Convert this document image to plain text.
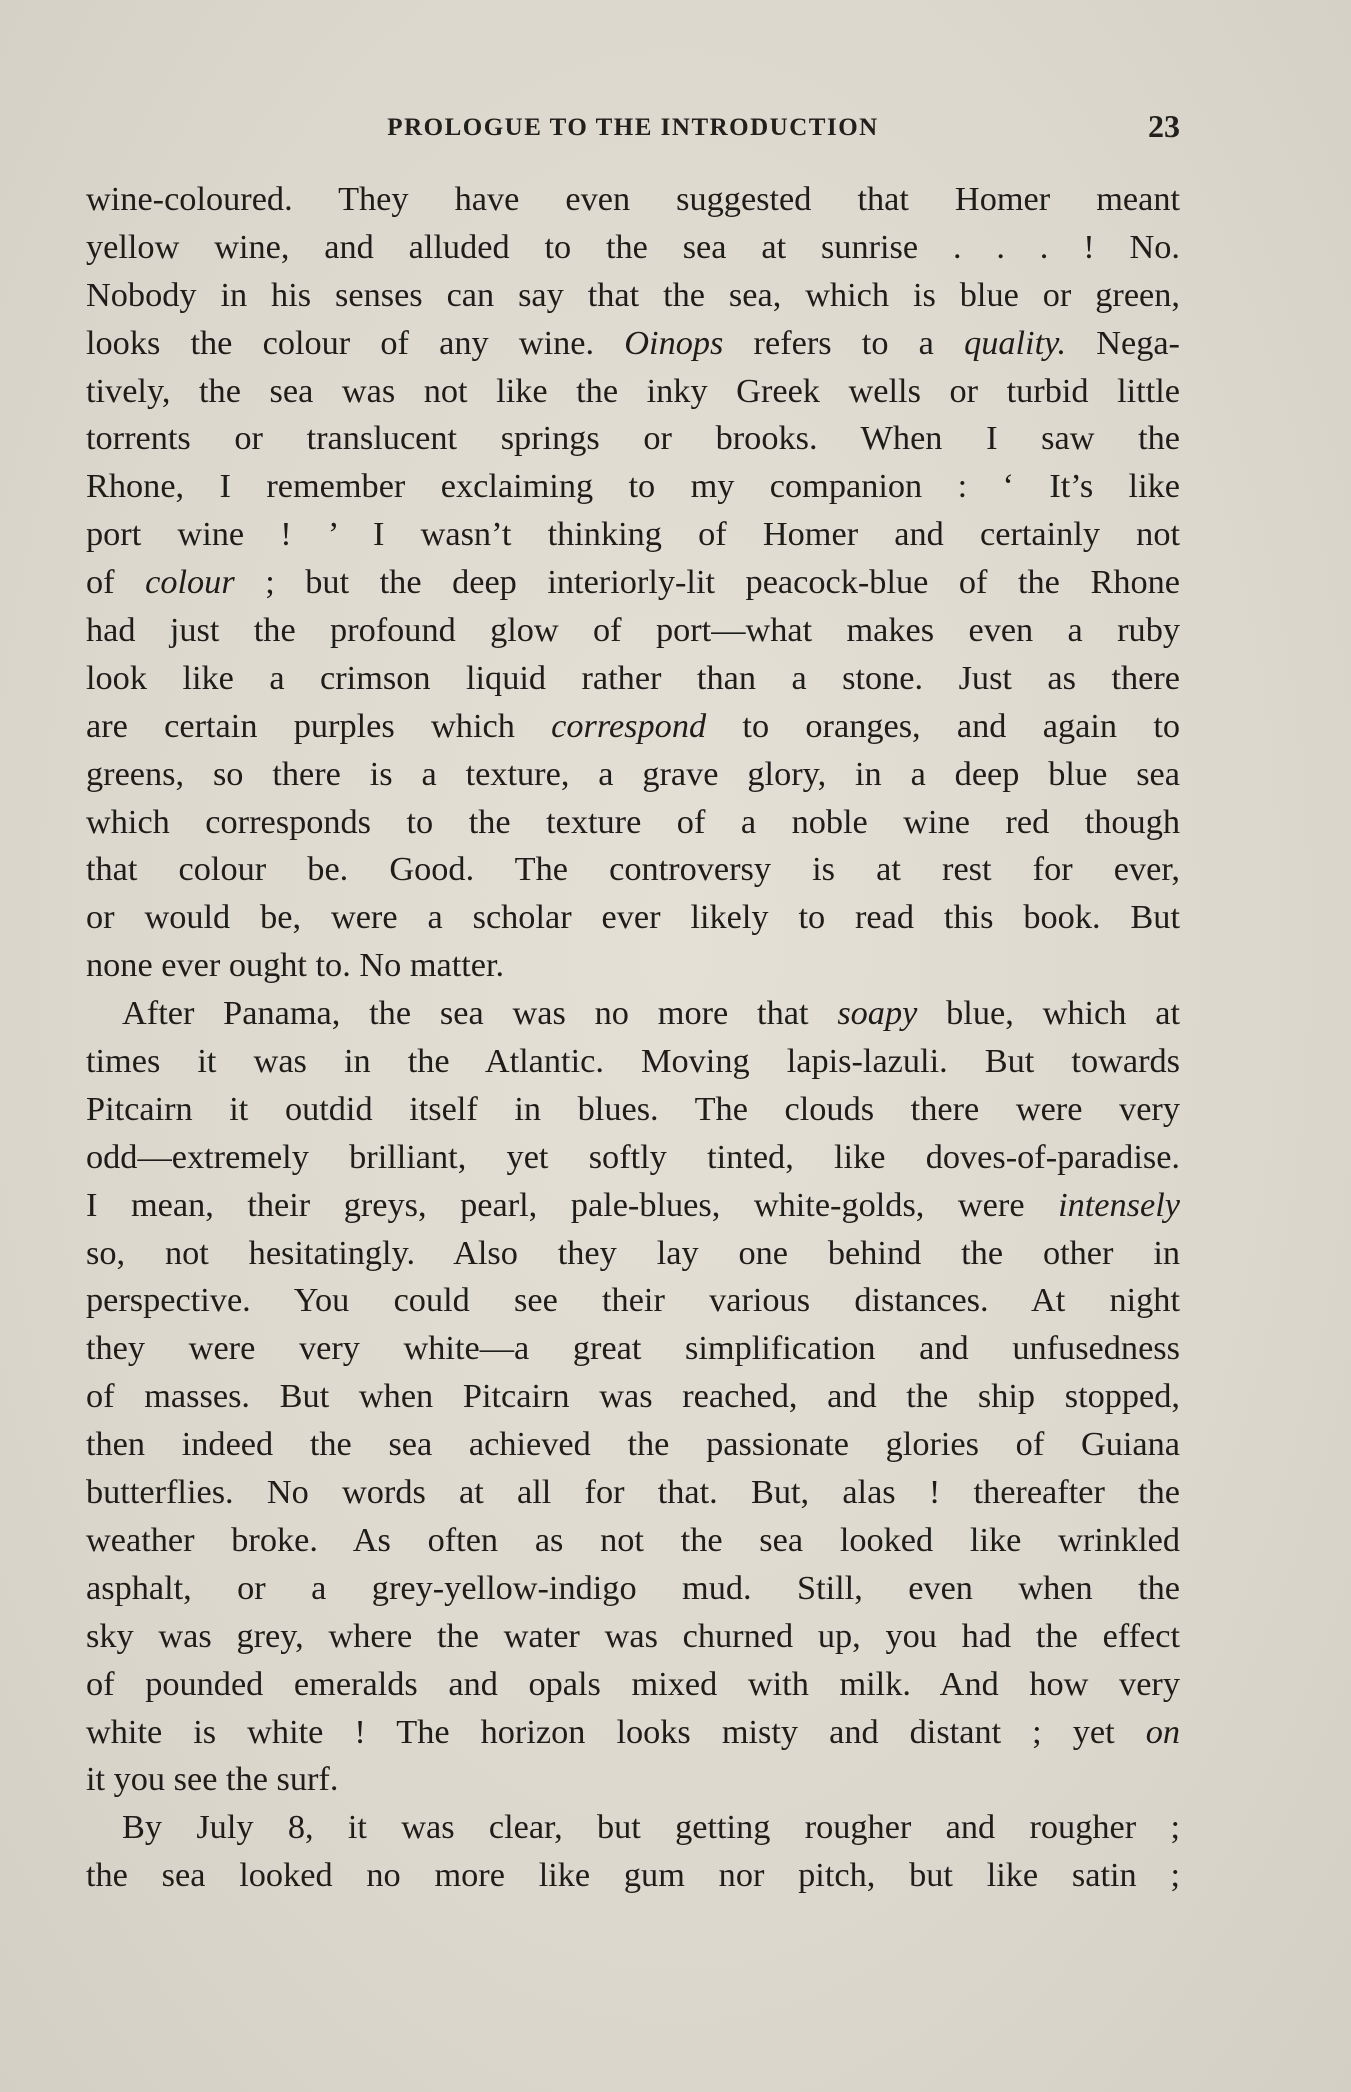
PROLOGUE TO THE INTRODUCTION	23
wine-coloured. They have even suggested that Homer meant
yellow wine, and alluded to the sea at sunrise . . . ! No.
Nobody in his senses can say that the sea, which is blue or green,
looks the colour of any wine. Oinops refers to a quality. Nega-
tively, the sea was not like the inky Greek wells or turbid little
torrents or translucent springs or brooks. When I saw the
Rhone, I remember exclaiming to my companion : ‘ It’s like
port wine ! ’ I wasn’t thinking of Homer and certainly not
of colour ; but the deep interiorly-lit peacock-blue of the Rhone
had just the profound glow of port—what makes even a ruby
look like a crimson liquid rather than a stone. Just as there
are certain purples which correspond to oranges, and again to
greens, so there is a texture, a grave glory, in a deep blue sea
which corresponds to the texture of a noble wine red though
that colour be. Good. The controversy is at rest for ever,
or would be, were a scholar ever likely to read this book. But
none ever ought to. No matter.
After Panama, the sea was no more that soapy blue, which at
times it was in the Atlantic. Moving lapis-lazuli. But towards
Pitcairn it outdid itself in blues. The clouds there were very
odd—extremely brilliant, yet softly tinted, like doves-of-paradise.
I mean, their greys, pearl, pale-blues, white-golds, were intensely
so, not hesitatingly. Also they lay one behind the other in
perspective. You could see their various distances. At night
they were very white—a great simplification and unfusedness
of masses. But when Pitcairn was reached, and the ship stopped,
then indeed the sea achieved the passionate glories of Guiana
butterflies. No words at all for that. But, alas ! thereafter the
weather broke. As often as not the sea looked like wrinkled
asphalt, or a grey-yellow-indigo mud. Still, even when the
sky was grey, where the water was churned up, you had the effect
of pounded emeralds and opals mixed with milk. And how very
white is white ! The horizon looks misty and distant ; yet on
it you see the surf.
By July 8, it was clear, but getting rougher and rougher ;
the sea looked no more like gum nor pitch, but like satin ;
